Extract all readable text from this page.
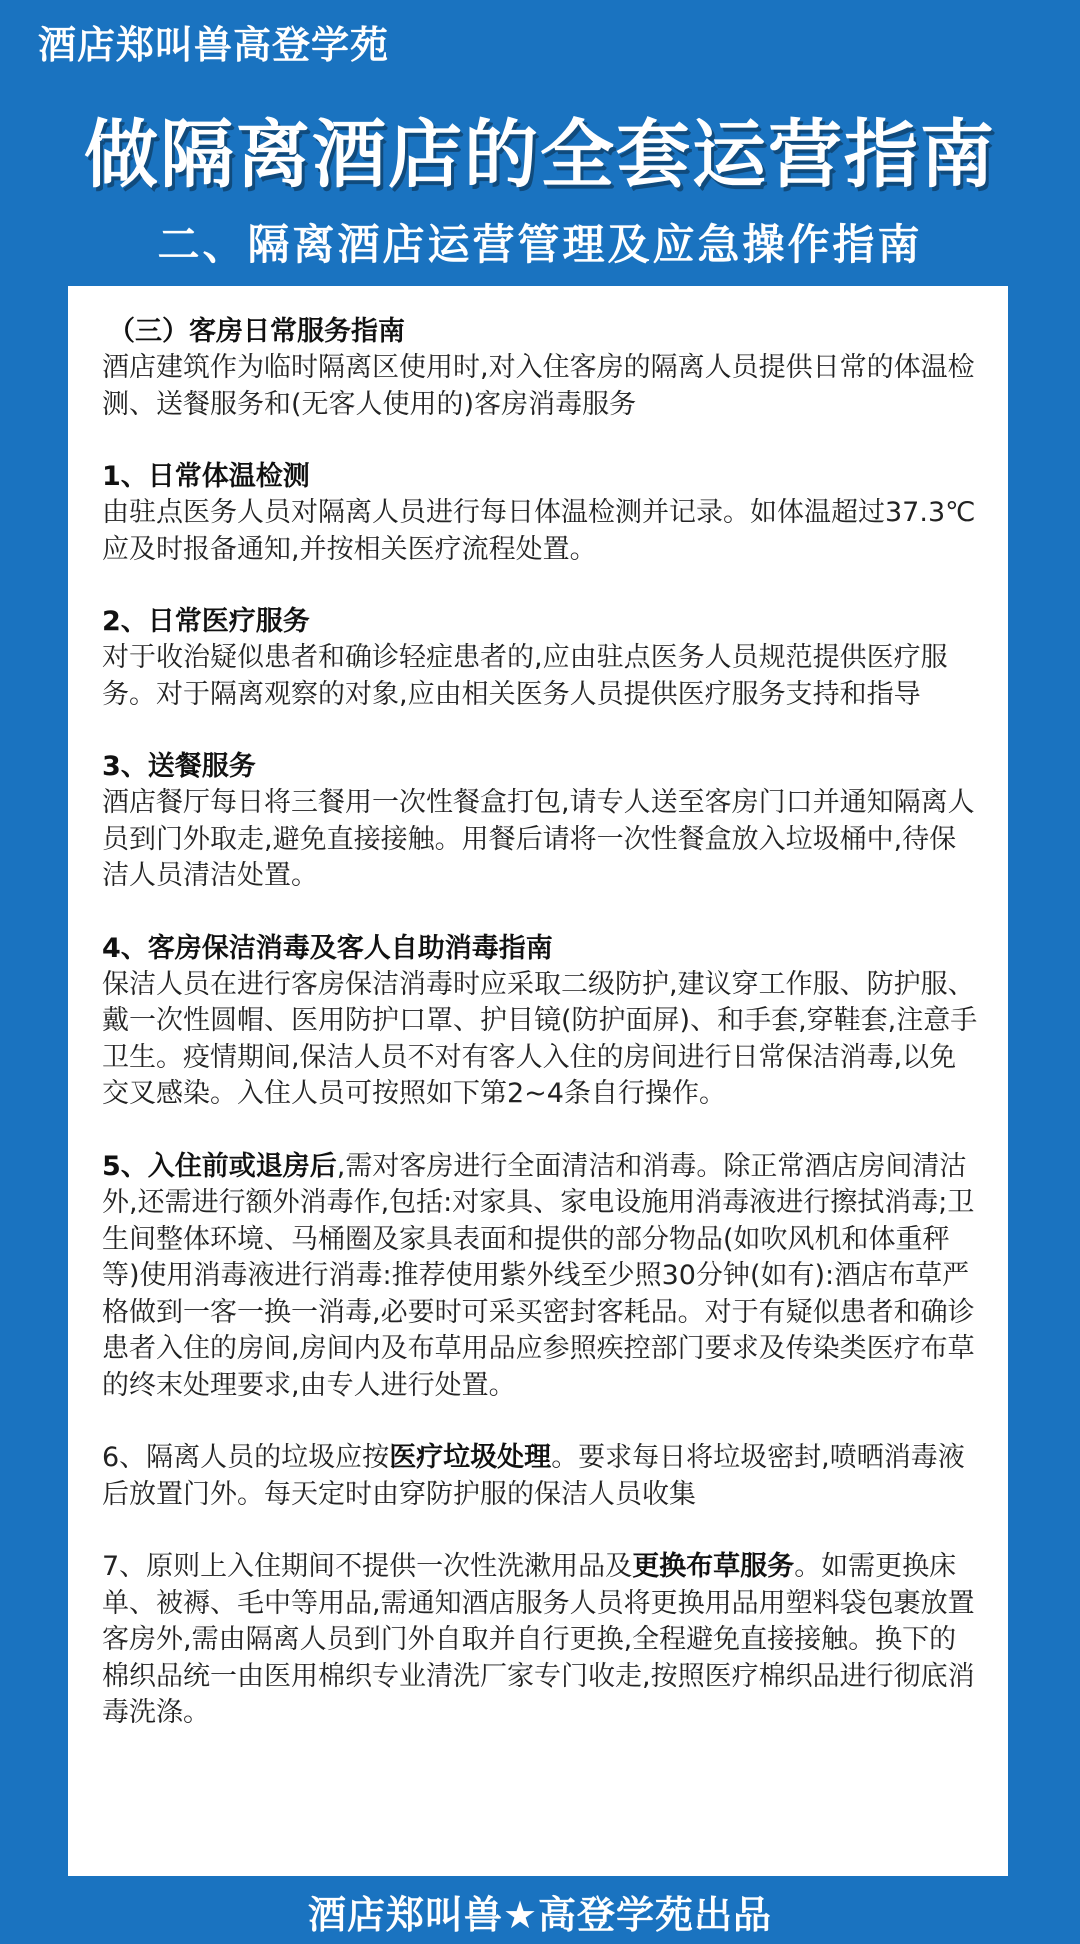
酒店郑叫兽高登学苑
做隔离酒店的全套运营指南
二、隔离酒店运营管理及应急操作指南
（三）客房日常服务指南

酒店建筑作为临时隔离区使用时,对入住客房的隔离人员提供日常的体温检测、送餐服务和(无客人使用的)客房消毒服务

1、日常体温检测

由驻点医务人员对隔离人员进行每日体温检测并记录。如体温超过37.3℃应及时报备通知,并按相关医疗流程处置。

2、日常医疗服务

对于收治疑似患者和确诊轻症患者的,应由驻点医务人员规范提供医疗服务。对于隔离观察的对象,应由相关医务人员提供医疗服务支持和指导

3、送餐服务

酒店餐厅每日将三餐用一次性餐盒打包,请专人送至客房门口并通知隔离人员到门外取走,避免直接接触。用餐后请将一次性餐盒放入垃圾桶中,待保洁人员清洁处置。

4、客房保洁消毒及客人自助消毒指南

保洁人员在进行客房保洁消毒时应采取二级防护,建议穿工作服、防护服、戴一次性圆帽、医用防护口罩、护目镜(防护面屏)、和手套,穿鞋套,注意手卫生。疫情期间,保洁人员不对有客人入住的房间进行日常保洁消毒,以免交叉感染。入住人员可按照如下第2~4条自行操作。

5、入住前或退房后,需对客房进行全面清洁和消毒。除正常酒店房间清沽外,还需进行额外消毒作,包括:对家具、家电设施用消毒液进行擦拭消毒;卫生间整体环境、马桶圈及家具表面和提供的部分物品(如吹风机和体重秤等)使用消毒液进行消毒:推荐使用紫外线至少照30分钟(如有):酒店布草严格做到一客一换一消毒,必要时可采买密封客耗品。对于有疑似患者和确诊患者入住的房间,房间内及布草用品应参照疾控部门要求及传染类医疗布草的终末处理要求,由专人进行处置。

6、隔离人员的垃圾应按医疗垃圾处理。要求每日将垃圾密封,喷晒消毒液后放置门外。每天定时由穿防护服的保洁人员收集

7、原则上入住期间不提供一次性洗漱用品及更换布草服务。如需更换床单、被褥、毛中等用品,需通知酒店服务人员将更换用品用塑料袋包裹放置客房外,需由隔离人员到门外自取并自行更换,全程避免直接接触。换下的棉织品统一由医用棉织专业清洗厂家专门收走,按照医疗棉织品进行彻底消毒洗涤。

酒店郑叫兽★高登学苑出品
